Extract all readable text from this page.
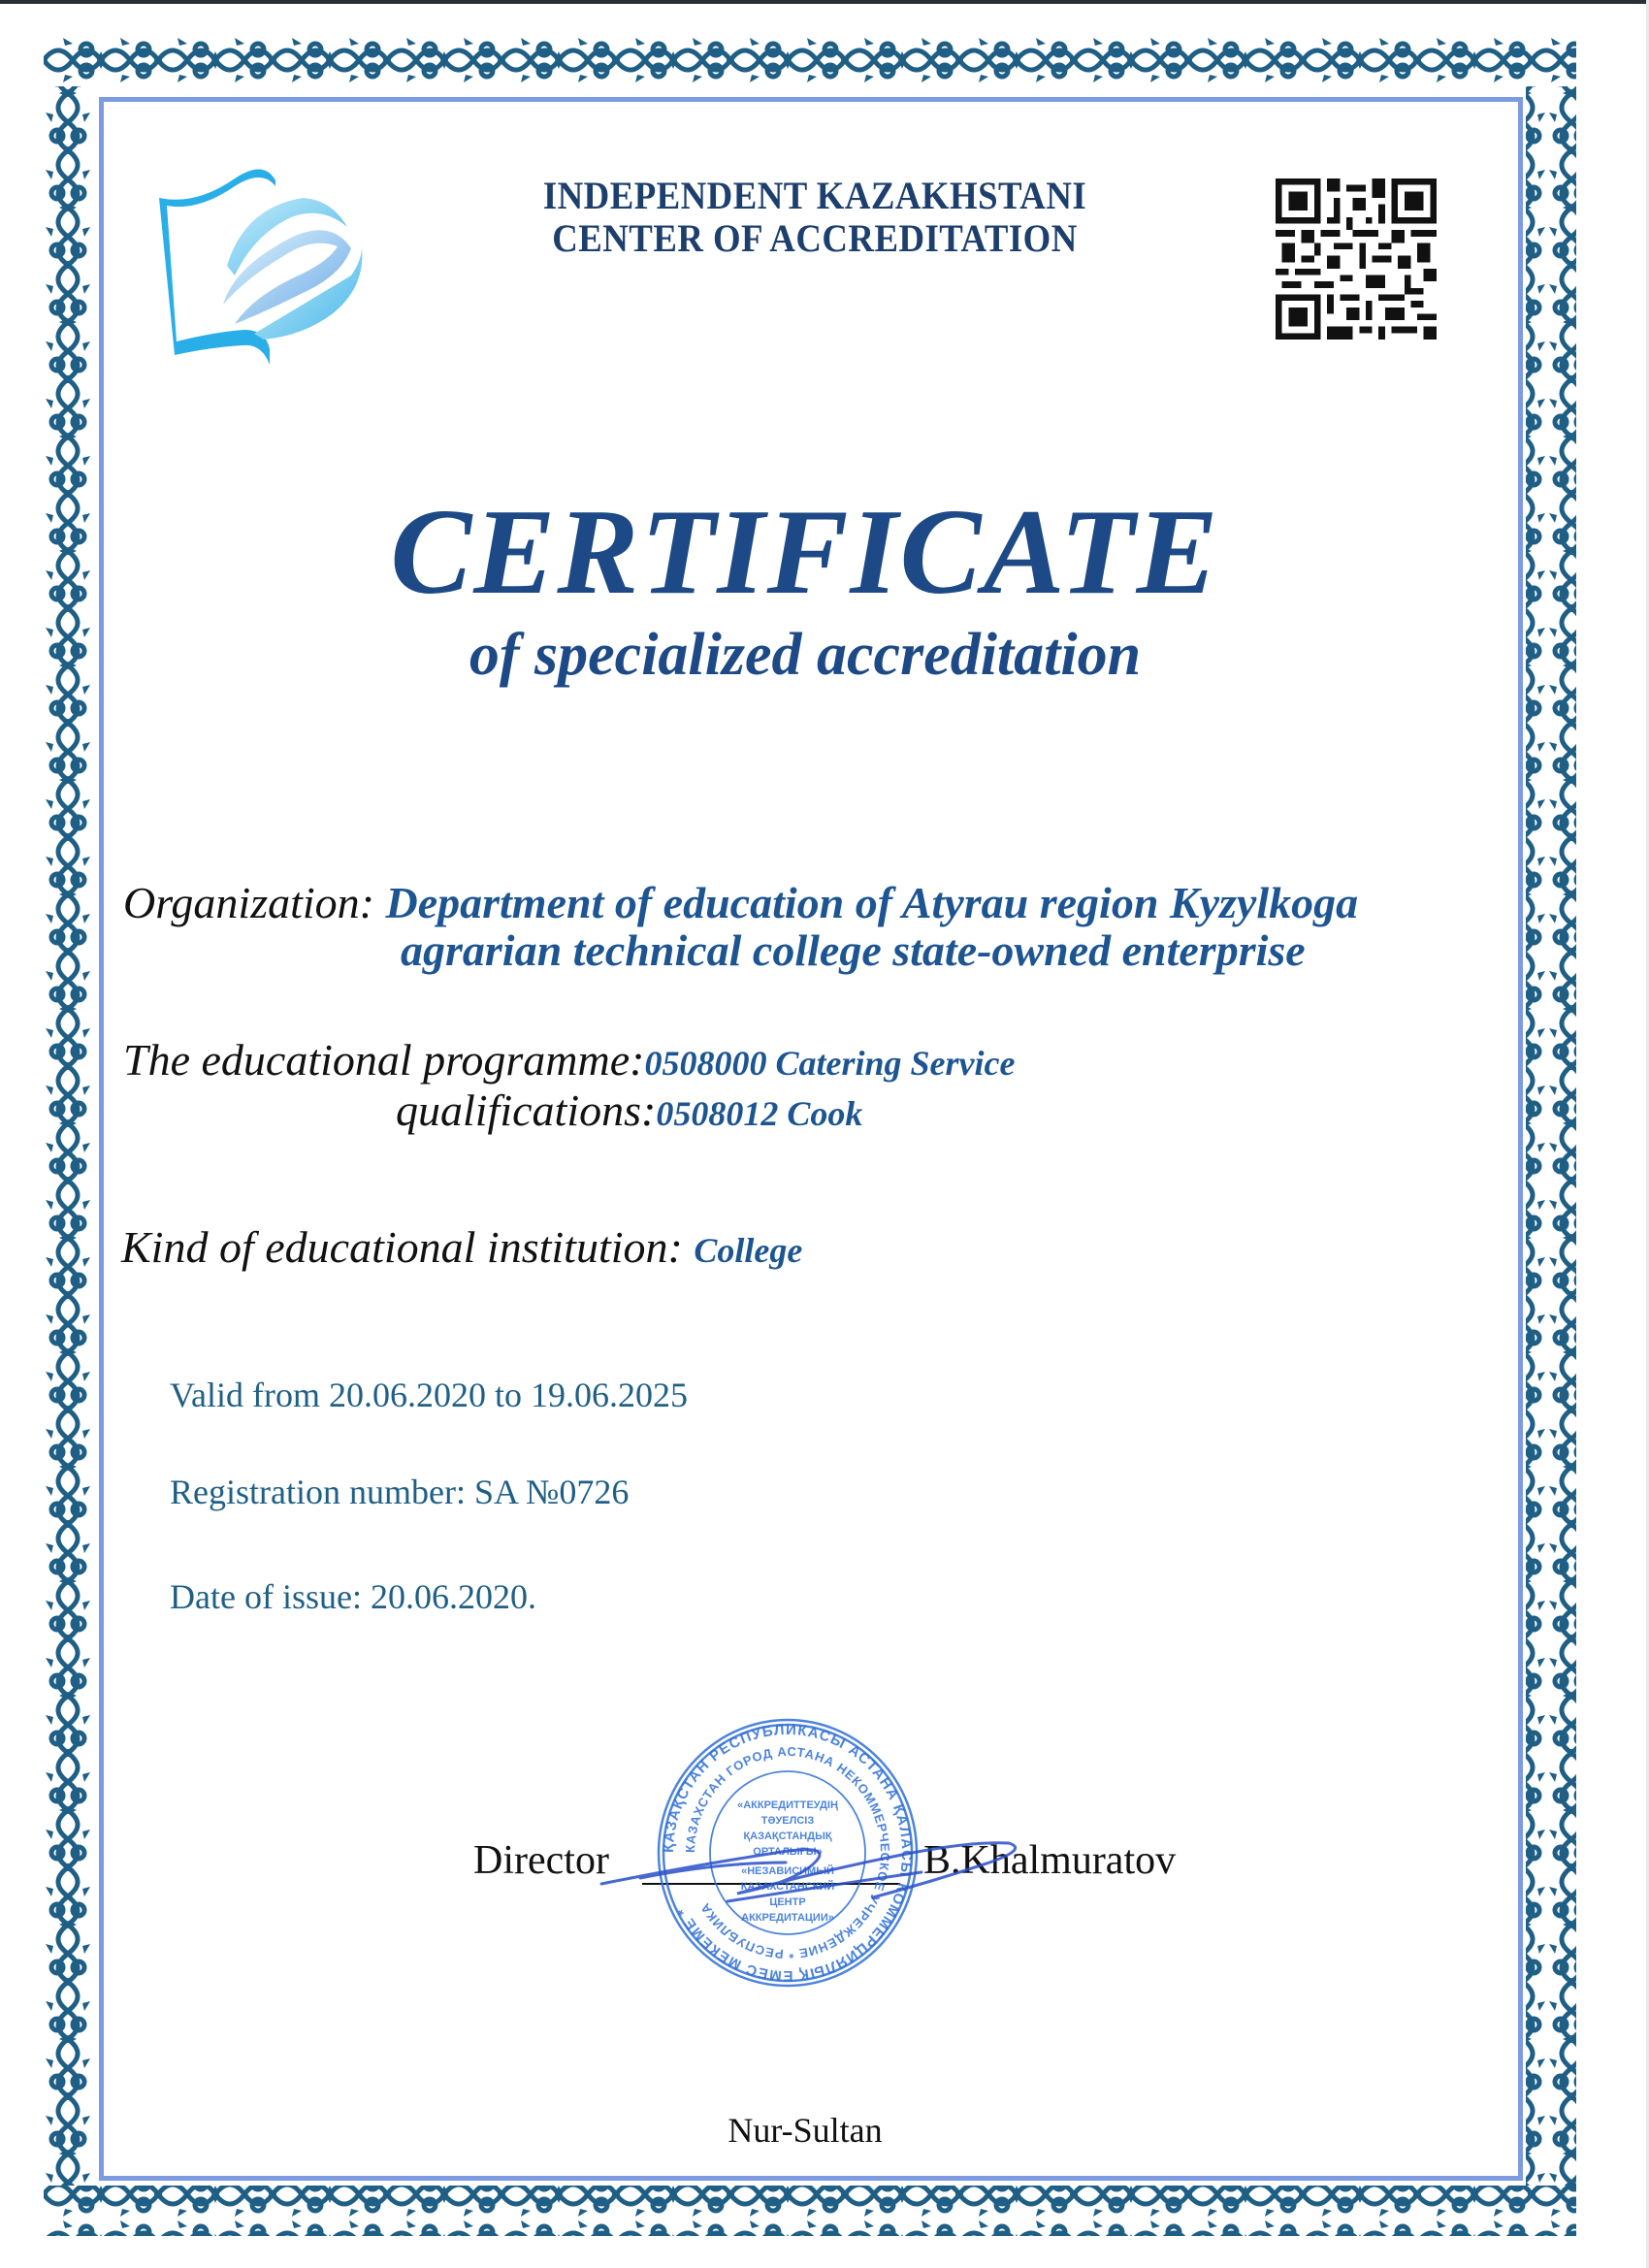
INDEPENDENT KAZAKHSTANI
CENTER OF ACCREDITATION
CERTIFICATE
of specialized accreditation
Organization: Department of education of Atyrau region Kyzylkoga
agrarian technical college state-owned enterprise
The educational programme:0508000 Catering Service
qualifications:0508012 Cook
Kind of educational institution: College
Valid from 20.06.2020 to 19.06.2025
Registration number: SA №0726
Date of issue: 20.06.2020.
Director	B.Khalmuratov
ҚАЗАҚСТАН РЕСПУБЛИКАСЫ АСТАНА ҚАЛАСЫ КОММЕРЦИЯЛЫҚ ЕМЕС МЕКЕМЕ *
КАЗАХСТАН ГОРОД АСТАНА НЕКОММЕРЧЕСКОЕ УЧРЕЖДЕНИЕ * РЕСПУБЛИКА
«АККРЕДИТТЕУДІҢ
ТӘУЕЛСІЗ
ҚАЗАҚСТАНДЫҚ
ОРТАЛЫҒЫ»
«НЕЗАВИСИМЫЙ
КАЗАХСТАНСКИЙ
ЦЕНТР
АККРЕДИТАЦИИ»
Nur-Sultan
